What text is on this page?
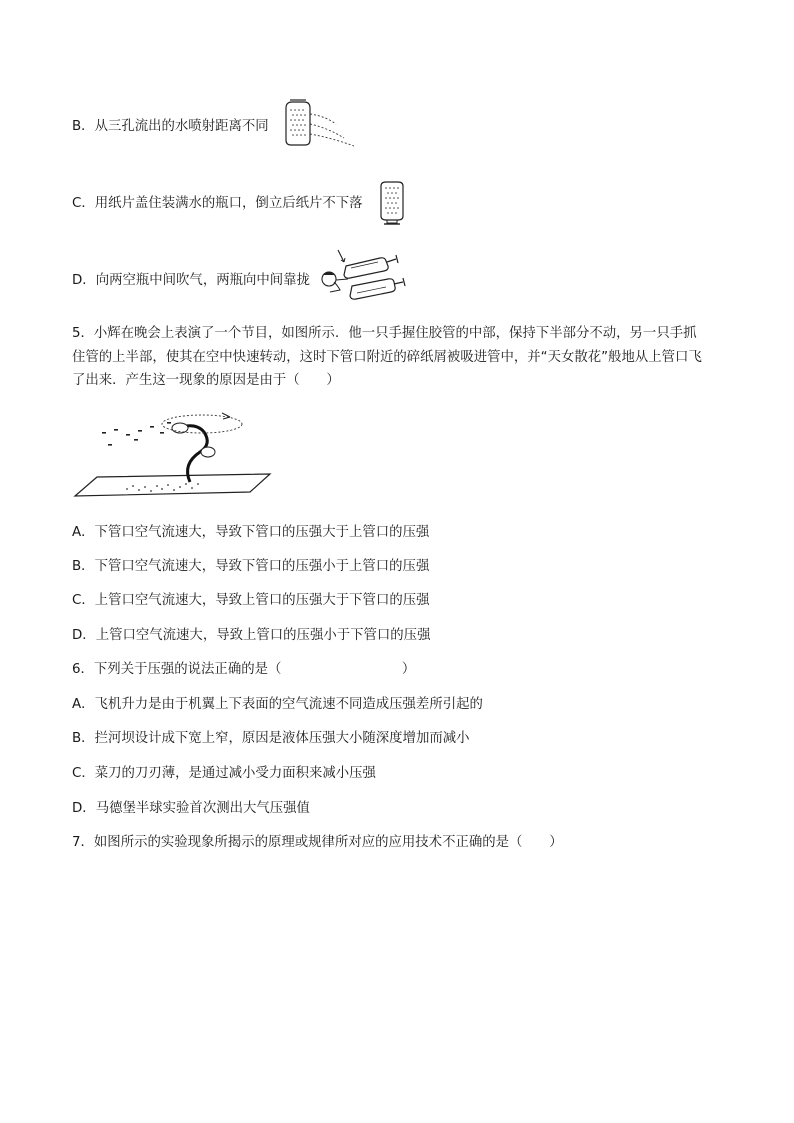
B．从三孔流出的水喷射距离不同
C．用纸片盖住装满水的瓶口，倒立后纸片不下落
D．向两空瓶中间吹气，两瓶向中间靠拢
5．小辉在晚会上表演了一个节目，如图所示．他一只手握住胶管的中部，保持下半部分不动，另一只手抓
住管的上半部，使其在空中快速转动，这时下管口附近的碎纸屑被吸进管中，并“天女散花”般地从上管口飞
了出来．产生这一现象的原因是由于（　　）
A．下管口空气流速大，导致下管口的压强大于上管口的压强
B．下管口空气流速大，导致下管口的压强小于上管口的压强
C．上管口空气流速大，导致上管口的压强大于下管口的压强
D．上管口空气流速大，导致上管口的压强小于下管口的压强
6．下列关于压强的说法正确的是（　　　　　　　　　）
A．飞机升力是由于机翼上下表面的空气流速不同造成压强差所引起的
B．拦河坝设计成下宽上窄，原因是液体压强大小随深度增加而减小
C．菜刀的刀刃薄，是通过减小受力面积来减小压强
D．马德堡半球实验首次测出大气压强值
7．如图所示的实验现象所揭示的原理或规律所对应的应用技术不正确的是（　　）
